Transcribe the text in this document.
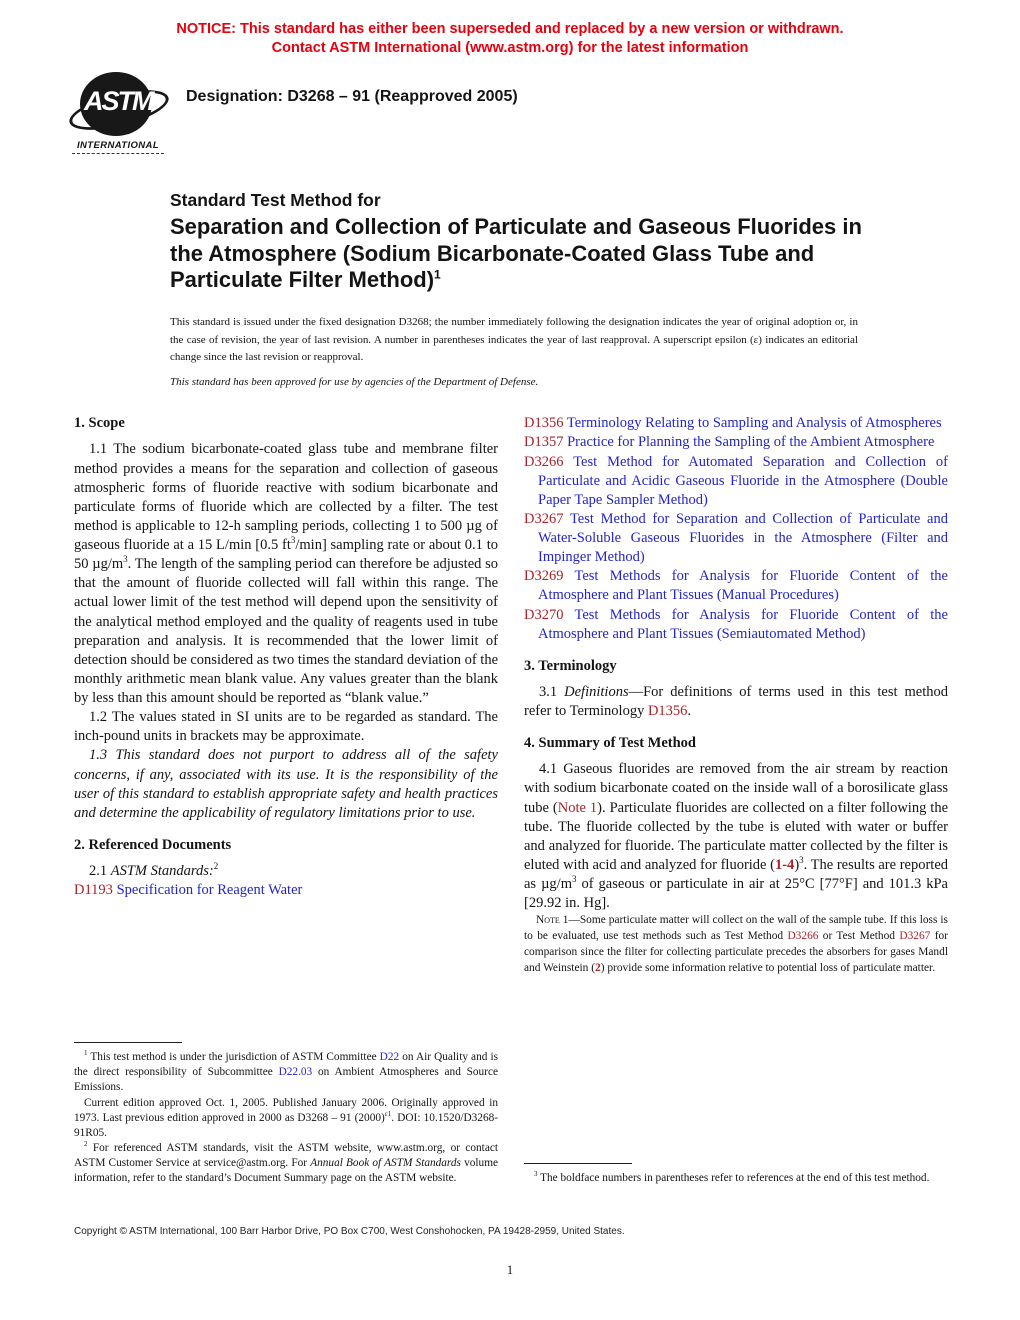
NOTICE: This standard has either been superseded and replaced by a new version or withdrawn.
Contact ASTM International (www.astm.org) for the latest information
ASTM
INTERNATIONAL
Designation: D3268 – 91 (Reapproved 2005)
Standard Test Method for
Separation and Collection of Particulate and Gaseous Fluorides in the Atmosphere (Sodium Bicarbonate-Coated Glass Tube and Particulate Filter Method)$^1$
This standard is issued under the fixed designation D3268; the number immediately following the designation indicates the year of original adoption or, in the case of revision, the year of last revision. A number in parentheses indicates the year of last reapproval. A superscript epsilon (ε) indicates an editorial change since the last revision or reapproval.
This standard has been approved for use by agencies of the Department of Defense.
1. Scope

1.1 The sodium bicarbonate-coated glass tube and membrane filter method provides a means for the separation and collection of gaseous atmospheric forms of fluoride reactive with sodium bicarbonate and particulate forms of fluoride which are collected by a filter. The test method is applicable to 12-h sampling periods, collecting 1 to 500 µg of gaseous fluoride at a 15 L/min [0.5 $ft^3/\min$] sampling rate or about 0.1 to 50 $\mu g/m^3$. The length of the sampling period can therefore be adjusted so that the amount of fluoride collected will fall within this range. The actual lower limit of the test method will depend upon the sensitivity of the analytical method employed and the quality of reagents used in tube preparation and analysis. It is recommended that the lower limit of detection should be considered as two times the standard deviation of the monthly arithmetic mean blank value. Any values greater than the blank by less than this amount should be reported as “blank value.”

1.2 The values stated in SI units are to be regarded as standard. The inch-pound units in brackets may be approximate.

1.3 This standard does not purport to address all of the safety concerns, if any, associated with its use. It is the responsibility of the user of this standard to establish appropriate safety and health practices and determine the applicability of regulatory limitations prior to use.

2. Referenced Documents

2.1 ASTM Standards:$^2$

D1193 Specification for Reagent Water

$^1$ This test method is under the jurisdiction of ASTM Committee D22 on Air Quality and is the direct responsibility of Subcommittee D22.03 on Ambient Atmospheres and Source Emissions.

Current edition approved Oct. 1, 2005. Published January 2006. Originally approved in 1973. Last previous edition approved in 2000 as D3268 – 91 $(2000)^{\varepsilon 1}$. DOI: 10.1520/D3268-91R05.

$^2$ For referenced ASTM standards, visit the ASTM website, www.astm.org, or contact ASTM Customer Service at service@astm.org. For Annual Book of ASTM Standards volume information, refer to the standard’s Document Summary page on the ASTM website.

D1356 Terminology Relating to Sampling and Analysis of Atmospheres

D1357 Practice for Planning the Sampling of the Ambient Atmosphere

D3266 Test Method for Automated Separation and Collection of Particulate and Acidic Gaseous Fluoride in the Atmosphere (Double Paper Tape Sampler Method)

D3267 Test Method for Separation and Collection of Particulate and Water-Soluble Gaseous Fluorides in the Atmosphere (Filter and Impinger Method)

D3269 Test Methods for Analysis for Fluoride Content of the Atmosphere and Plant Tissues (Manual Procedures)

D3270 Test Methods for Analysis for Fluoride Content of the Atmosphere and Plant Tissues (Semiautomated Method)

3. Terminology

3.1 Definitions—For definitions of terms used in this test method refer to Terminology D1356.

4. Summary of Test Method

4.1 Gaseous fluorides are removed from the air stream by reaction with sodium bicarbonate coated on the inside wall of a borosilicate glass tube (Note 1). Particulate fluorides are collected on a filter following the tube. The fluoride collected by the tube is eluted with water or buffer and analyzed for fluoride. The particulate matter collected by the filter is eluted with acid and analyzed for fluoride $(1-4)^3$. The results are reported as $\mu g/m^3$ of gaseous or particulate in air at 25°C [77°F] and 101.3 kPa [29.92 in. Hg].

Note 1—Some particulate matter will collect on the wall of the sample tube. If this loss is to be evaluated, use test methods such as Test Method D3266 or Test Method D3267 for comparison since the filter for collecting particulate precedes the absorbers for gases Mandl and Weinstein (2) provide some information relative to potential loss of particulate matter.

$^3$ The boldface numbers in parentheses refer to references at the end of this test method.

Copyright © ASTM International, 100 Barr Harbor Drive, PO Box C700, West Conshohocken, PA 19428-2959, United States.

1
